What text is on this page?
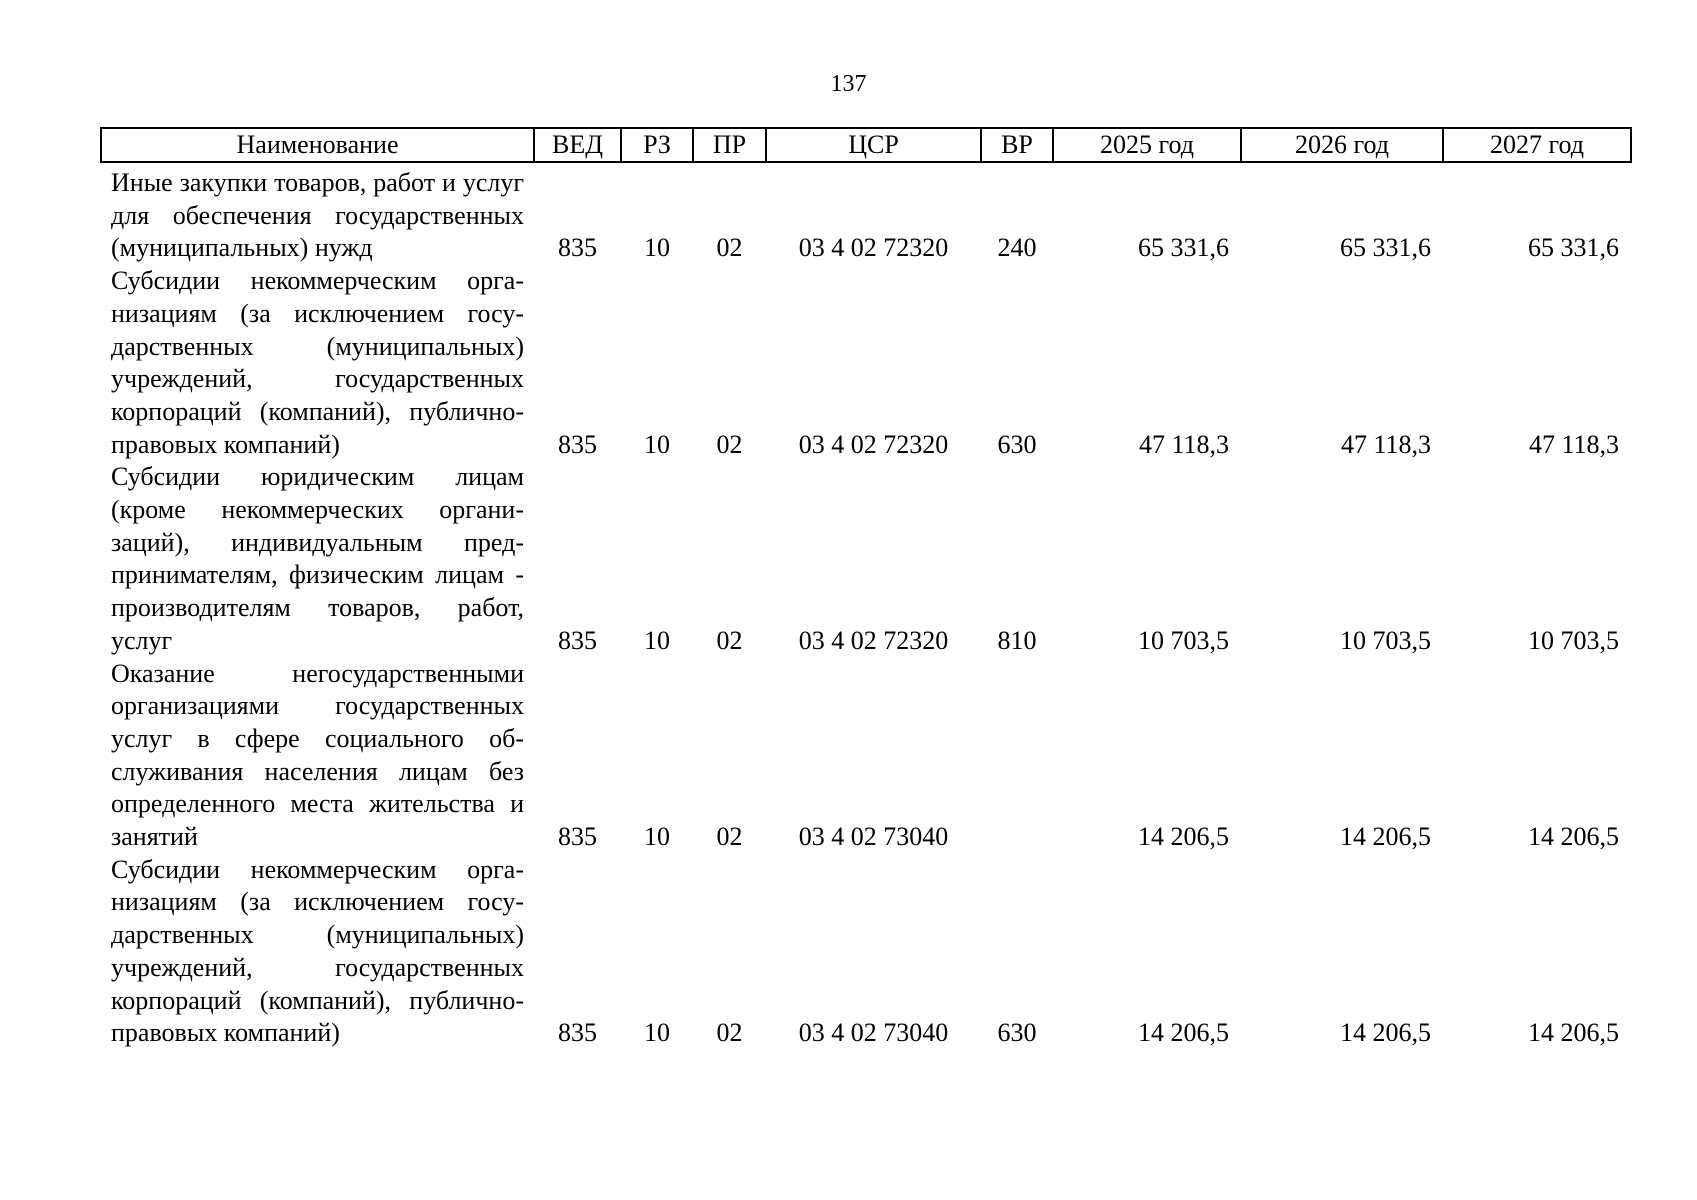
137
Наименование	ВЕД	РЗ	ПР	ЦСР	ВР	2025 год	2026 год	2027 год
Иные закупки товаров, работ и услуг для обеспечения государственных (муниципальных) нужд	835	10	02	03 4 02 72320	240	65 331,6	65 331,6	65 331,6
Субсидии некоммерческим организациям (за исключением государственных (муниципальных) учреждений, государственных корпораций (компаний), публично-правовых компаний)	835	10	02	03 4 02 72320	630	47 118,3	47 118,3	47 118,3
Субсидии юридическим лицам (кроме некоммерческих организаций), индивидуальным предпринимателям, физическим лицам - производителям товаров, работ, услуг	835	10	02	03 4 02 72320	810	10 703,5	10 703,5	10 703,5
Оказание негосударственными организациями государственных услуг в сфере социального обслуживания населения лицам без определенного места жительства и занятий	835	10	02	03 4 02 73040		14 206,5	14 206,5	14 206,5
Субсидии некоммерческим организациям (за исключением государственных (муниципальных) учреждений, государственных корпораций (компаний), публично-правовых компаний)	835	10	02	03 4 02 73040	630	14 206,5	14 206,5	14 206,5
